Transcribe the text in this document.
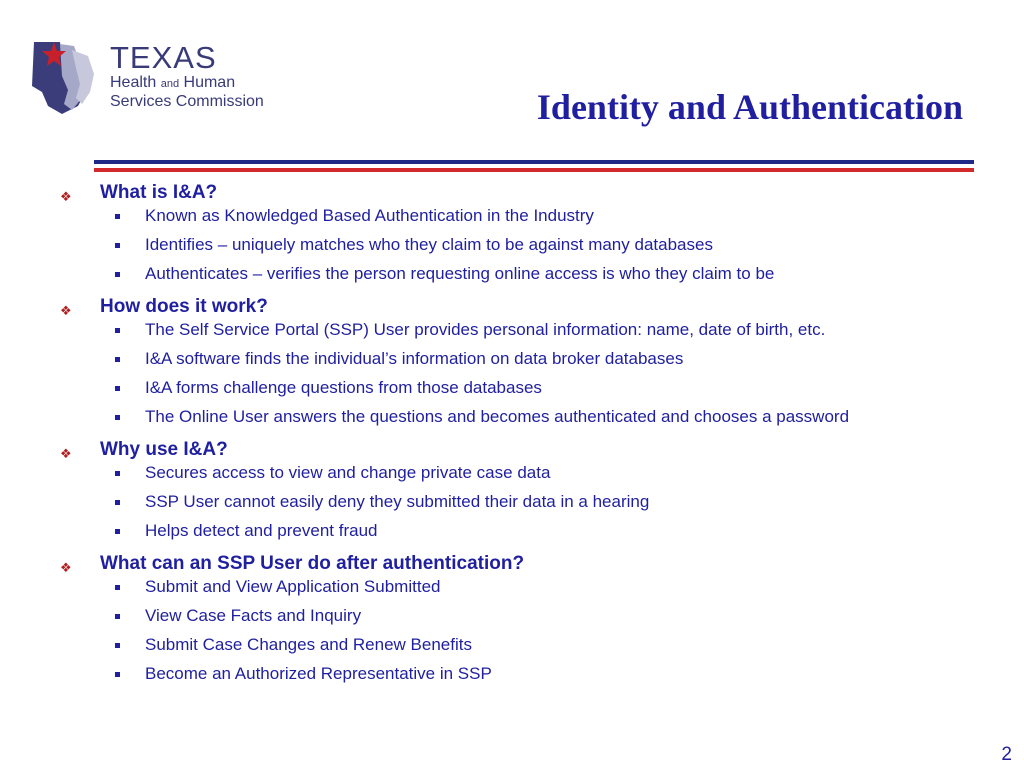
TEXAS
Health and Human
Services Commission	Identity and Authentication
❖ What is I&A?
Known as Knowledged Based Authentication in the Industry
Identifies – uniquely matches who they claim to be against many databases
Authenticates – verifies the person requesting online access is who they claim to be
❖ How does it work?
The Self Service Portal (SSP) User provides personal information: name, date of birth, etc.
I&A software finds the individual’s information on data broker databases
I&A forms challenge questions from those databases
The Online User answers the questions and becomes authenticated and chooses a password
❖ Why use I&A?
Secures access to view and change private case data
SSP User cannot easily deny they submitted their data in a hearing
Helps detect and prevent fraud
❖ What can an SSP User do after authentication?
Submit and View Application Submitted
View Case Facts and Inquiry
Submit Case Changes and Renew Benefits
Become an Authorized Representative in SSP
2
